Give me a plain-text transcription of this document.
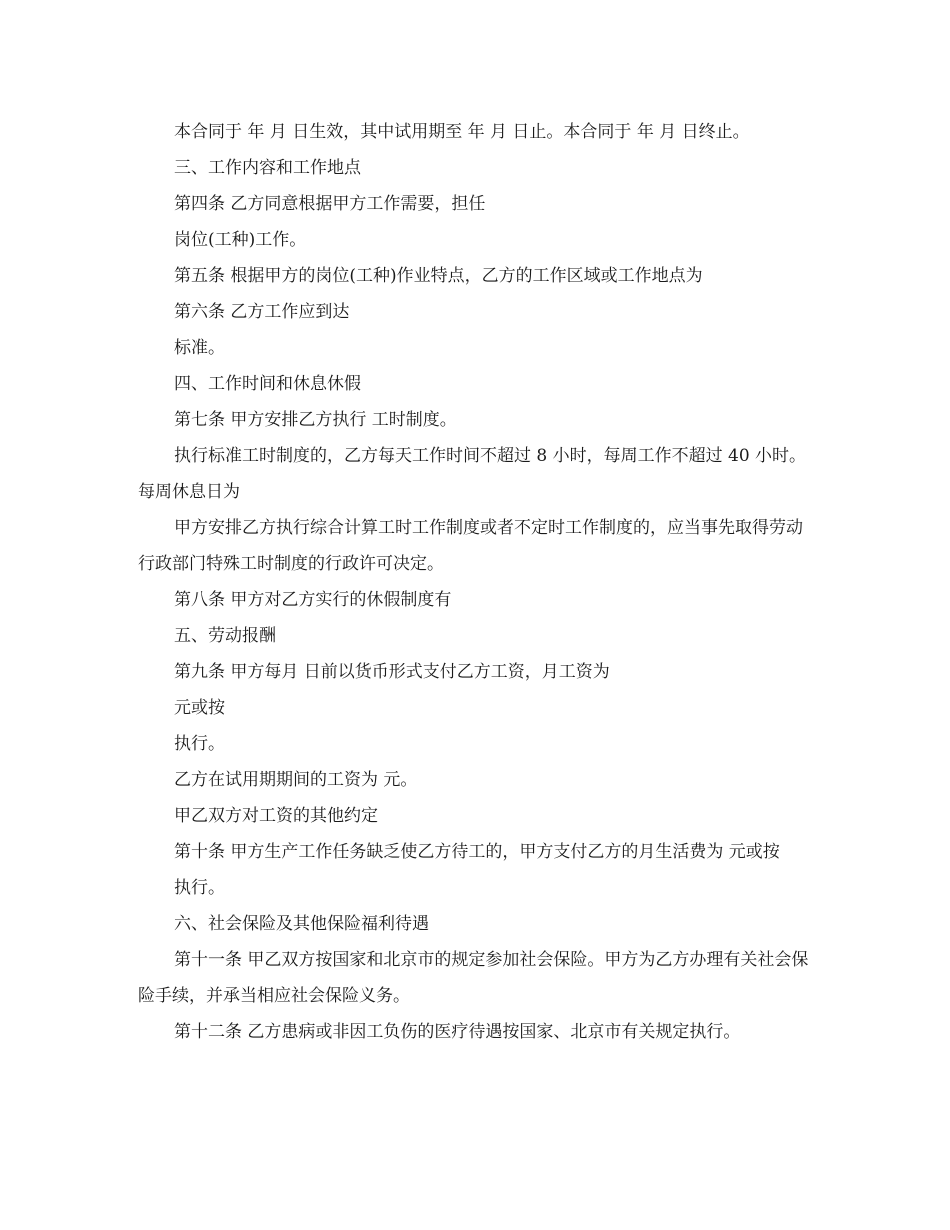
本合同于 年 月 日生效，其中试用期至 年 月 日止。本合同于 年 月 日终止。

三、工作内容和工作地点

第四条 乙方同意根据甲方工作需要，担任

岗位(工种)工作。

第五条 根据甲方的岗位(工种)作业特点，乙方的工作区域或工作地点为

第六条 乙方工作应到达

标准。

四、工作时间和休息休假

第七条 甲方安排乙方执行 工时制度。

执行标准工时制度的，乙方每天工作时间不超过 8 小时，每周工作不超过 40 小时。每周休息日为

甲方安排乙方执行综合计算工时工作制度或者不定时工作制度的，应当事先取得劳动行政部门特殊工时制度的行政许可决定。

第八条 甲方对乙方实行的休假制度有

五、劳动报酬

第九条 甲方每月 日前以货币形式支付乙方工资，月工资为

元或按

执行。

乙方在试用期期间的工资为 元。

甲乙双方对工资的其他约定

第十条 甲方生产工作任务缺乏使乙方待工的，甲方支付乙方的月生活费为 元或按

执行。

六、社会保险及其他保险福利待遇

第十一条 甲乙双方按国家和北京市的规定参加社会保险。甲方为乙方办理有关社会保险手续，并承当相应社会保险义务。

第十二条 乙方患病或非因工负伤的医疗待遇按国家、北京市有关规定执行。
